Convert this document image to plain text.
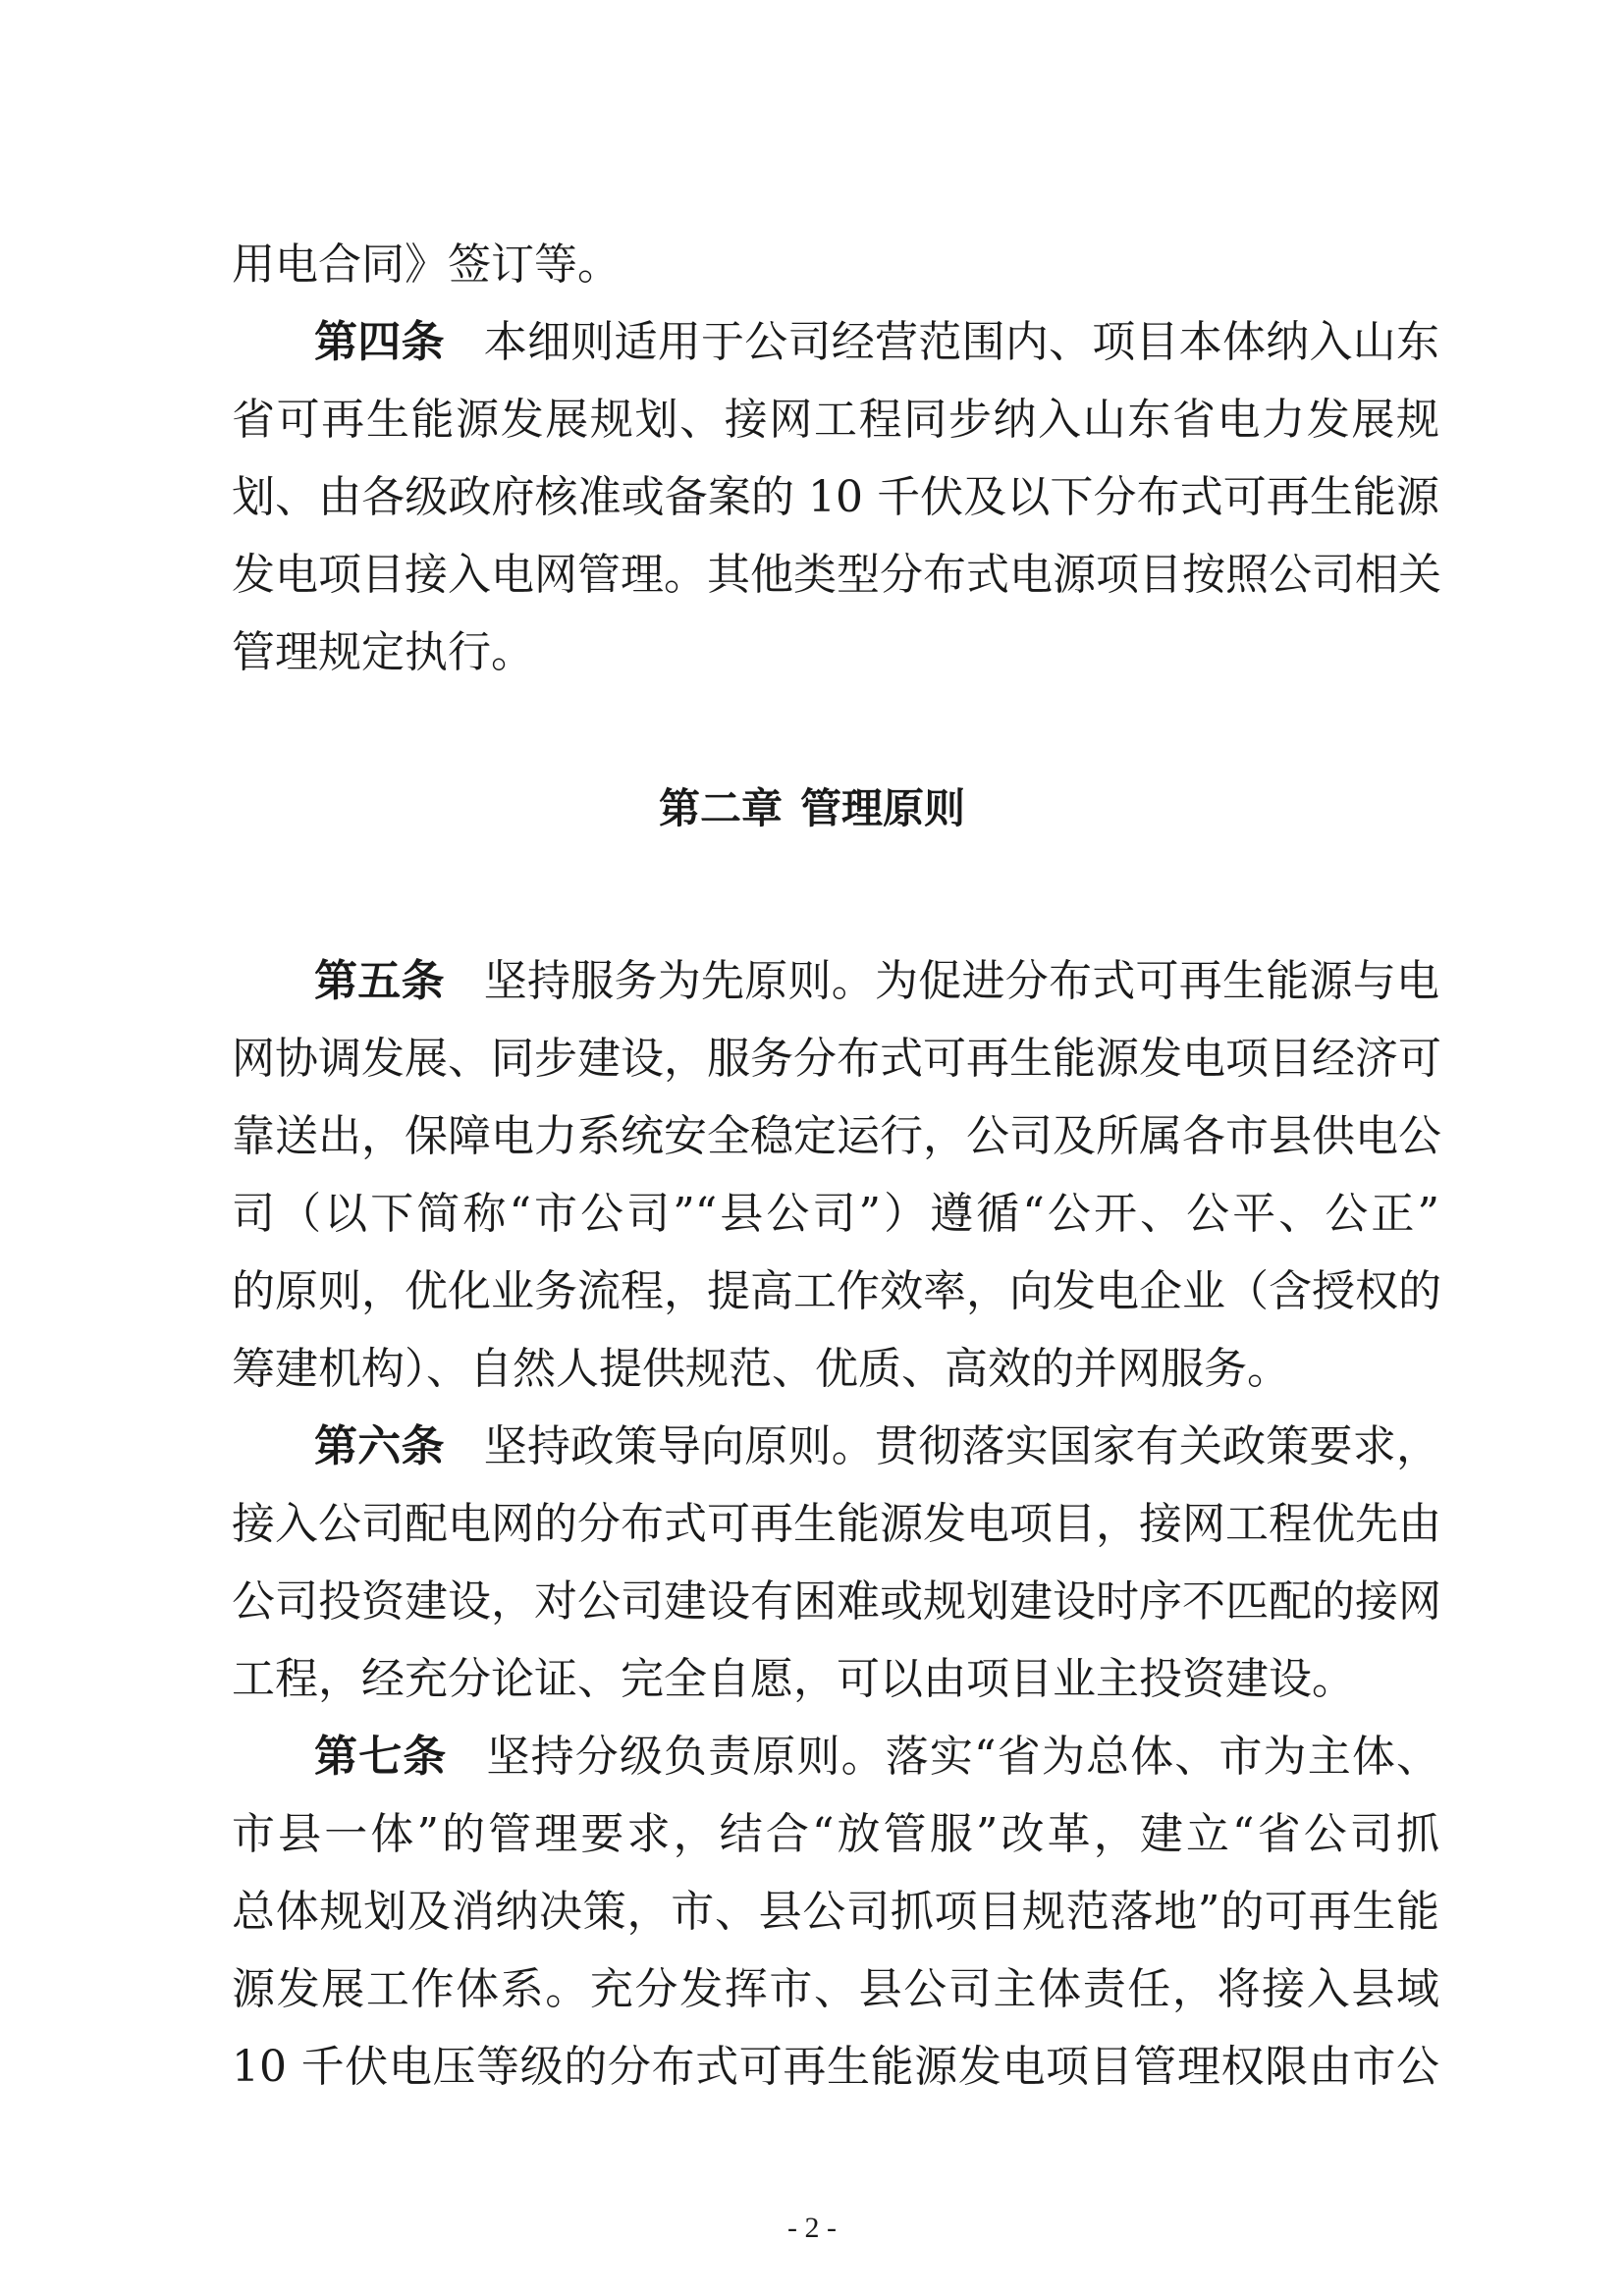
用电合同》签订等。
第四条 本细则适用于公司经营范围内、项目本体纳入山东
省可再生能源发展规划、接网工程同步纳入山东省电力发展规
划、由各级政府核准或备案的 10 千伏及以下分布式可再生能源
发电项目接入电网管理。其他类型分布式电源项目按照公司相关
管理规定执行。
第二章 管理原则
第五条 坚持服务为先原则。为促进分布式可再生能源与电
网协调发展、同步建设，服务分布式可再生能源发电项目经济可
靠送出，保障电力系统安全稳定运行，公司及所属各市县供电公
司（以下简称“市公司”“县公司”）遵循“公开、公平、公正”
的原则，优化业务流程，提高工作效率，向发电企业（含授权的
筹建机构）、自然人提供规范、优质、高效的并网服务。
第六条 坚持政策导向原则。贯彻落实国家有关政策要求，
接入公司配电网的分布式可再生能源发电项目，接网工程优先由
公司投资建设，对公司建设有困难或规划建设时序不匹配的接网
工程，经充分论证、完全自愿，可以由项目业主投资建设。
第七条 坚持分级负责原则。落实“省为总体、市为主体、
市县一体”的管理要求，结合“放管服”改革，建立“省公司抓
总体规划及消纳决策，市、县公司抓项目规范落地”的可再生能
源发展工作体系。充分发挥市、县公司主体责任，将接入县域
10 千伏电压等级的分布式可再生能源发电项目管理权限由市公
- 2 -
